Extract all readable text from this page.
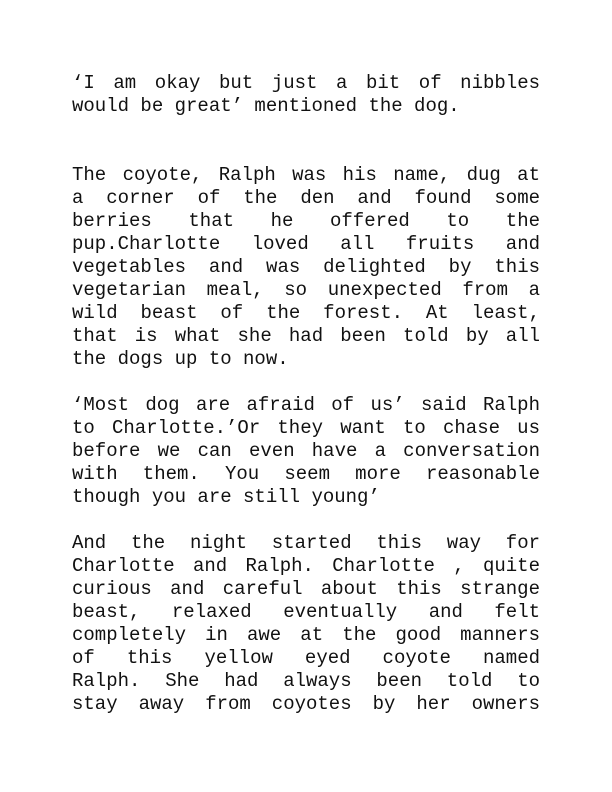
‘I am okay but just a bit of nibbles
would be great’ mentioned the dog.

The coyote, Ralph was his name, dug at
a corner of the den and found some
berries that he offered to the
pup.Charlotte loved all fruits and
vegetables and was delighted by this
vegetarian meal, so unexpected from a
wild beast of the forest. At least,
that is what she had been told by all
the dogs up to now.

‘Most dog are afraid of us’ said Ralph
to Charlotte.’Or they want to chase us
before we can even have a conversation
with them. You seem more reasonable
though you are still young’

And the night started this way for
Charlotte and Ralph. Charlotte , quite
curious and careful about this strange
beast, relaxed eventually and felt
completely in awe at the good manners
of this yellow eyed coyote named
Ralph. She had always been told to
stay away from coyotes by her owners
